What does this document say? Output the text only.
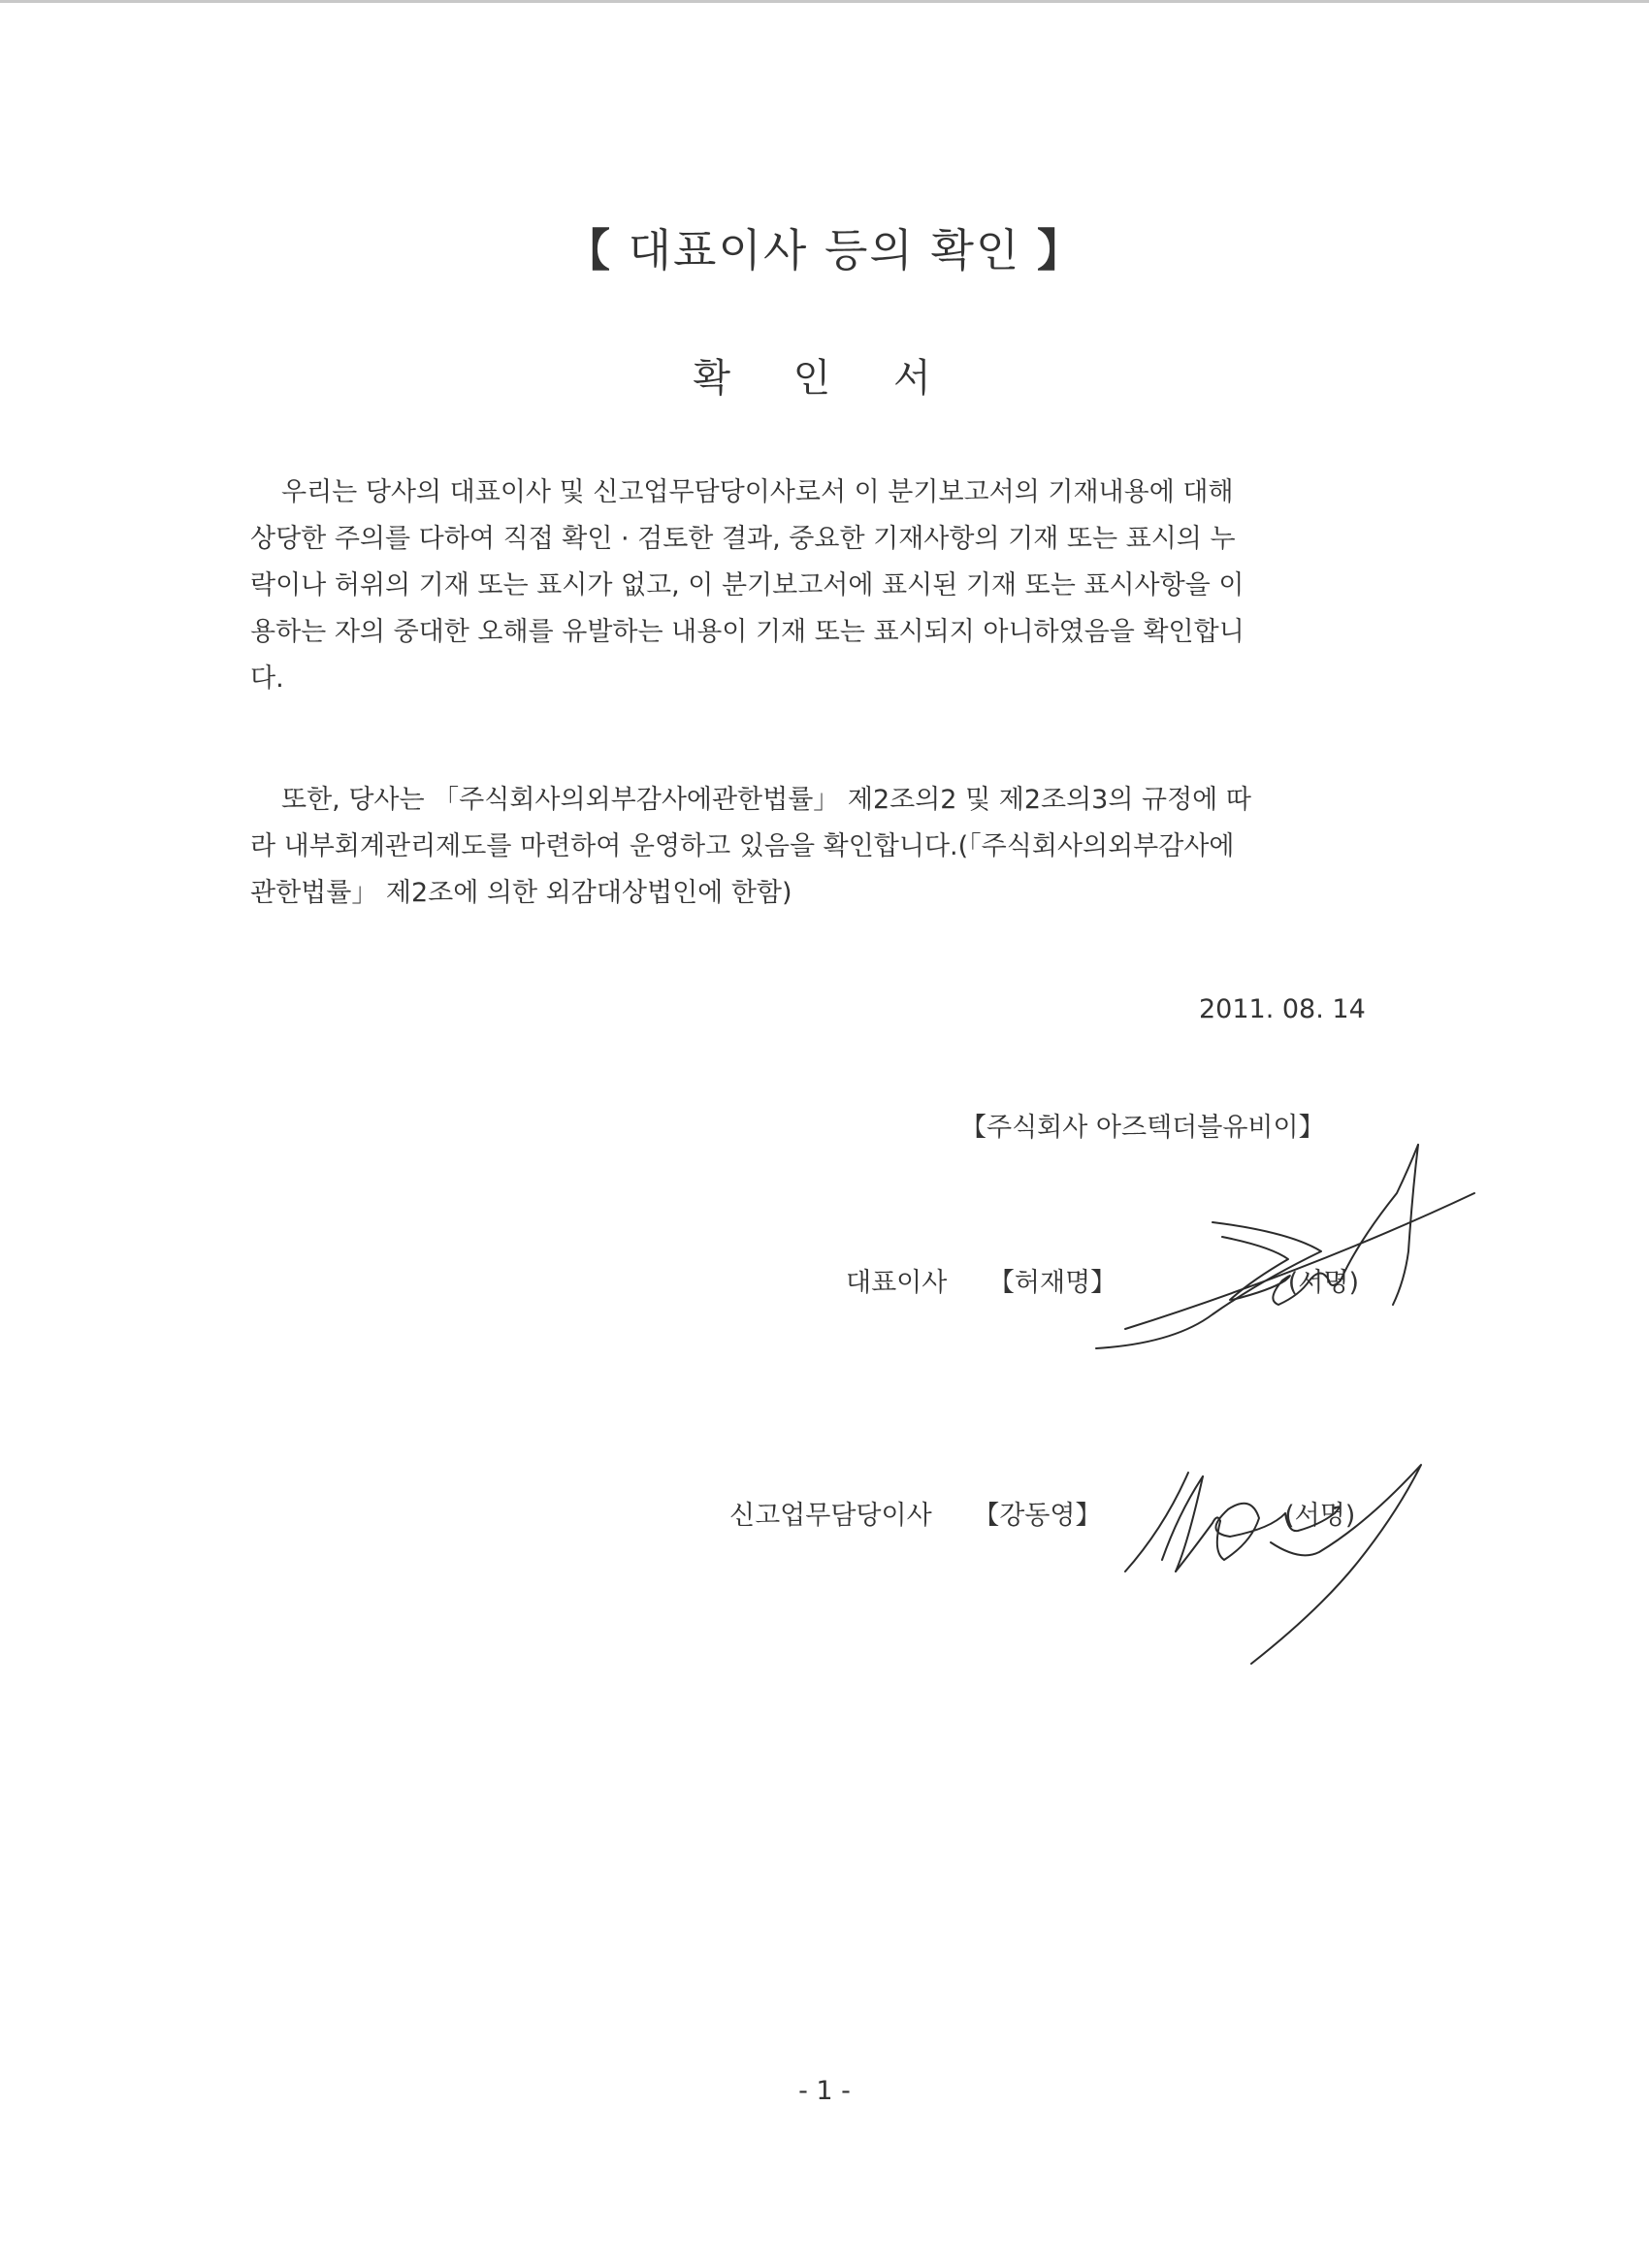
【 대표이사 등의 확인 】
확 인 서
우리는 당사의 대표이사 및 신고업무담당이사로서 이 분기보고서의 기재내용에 대해
상당한 주의를 다하여 직접 확인 · 검토한 결과, 중요한 기재사항의 기재 또는 표시의 누
락이나 허위의 기재 또는 표시가 없고, 이 분기보고서에 표시된 기재 또는 표시사항을 이
용하는 자의 중대한 오해를 유발하는 내용이 기재 또는 표시되지 아니하였음을 확인합니
다.
또한, 당사는 「주식회사의외부감사에관한법률」 제2조의2 및 제2조의3의 규정에 따
라 내부회계관리제도를 마련하여 운영하고 있음을 확인합니다.(「주식회사의외부감사에
관한법률」 제2조에 의한 외감대상법인에 한함)
2011. 08. 14
【주식회사 아즈텍더블유비이】
대표이사 【허재명】	(서명)
신고업무담당이사 【강동영】	(서명)
- 1 -
